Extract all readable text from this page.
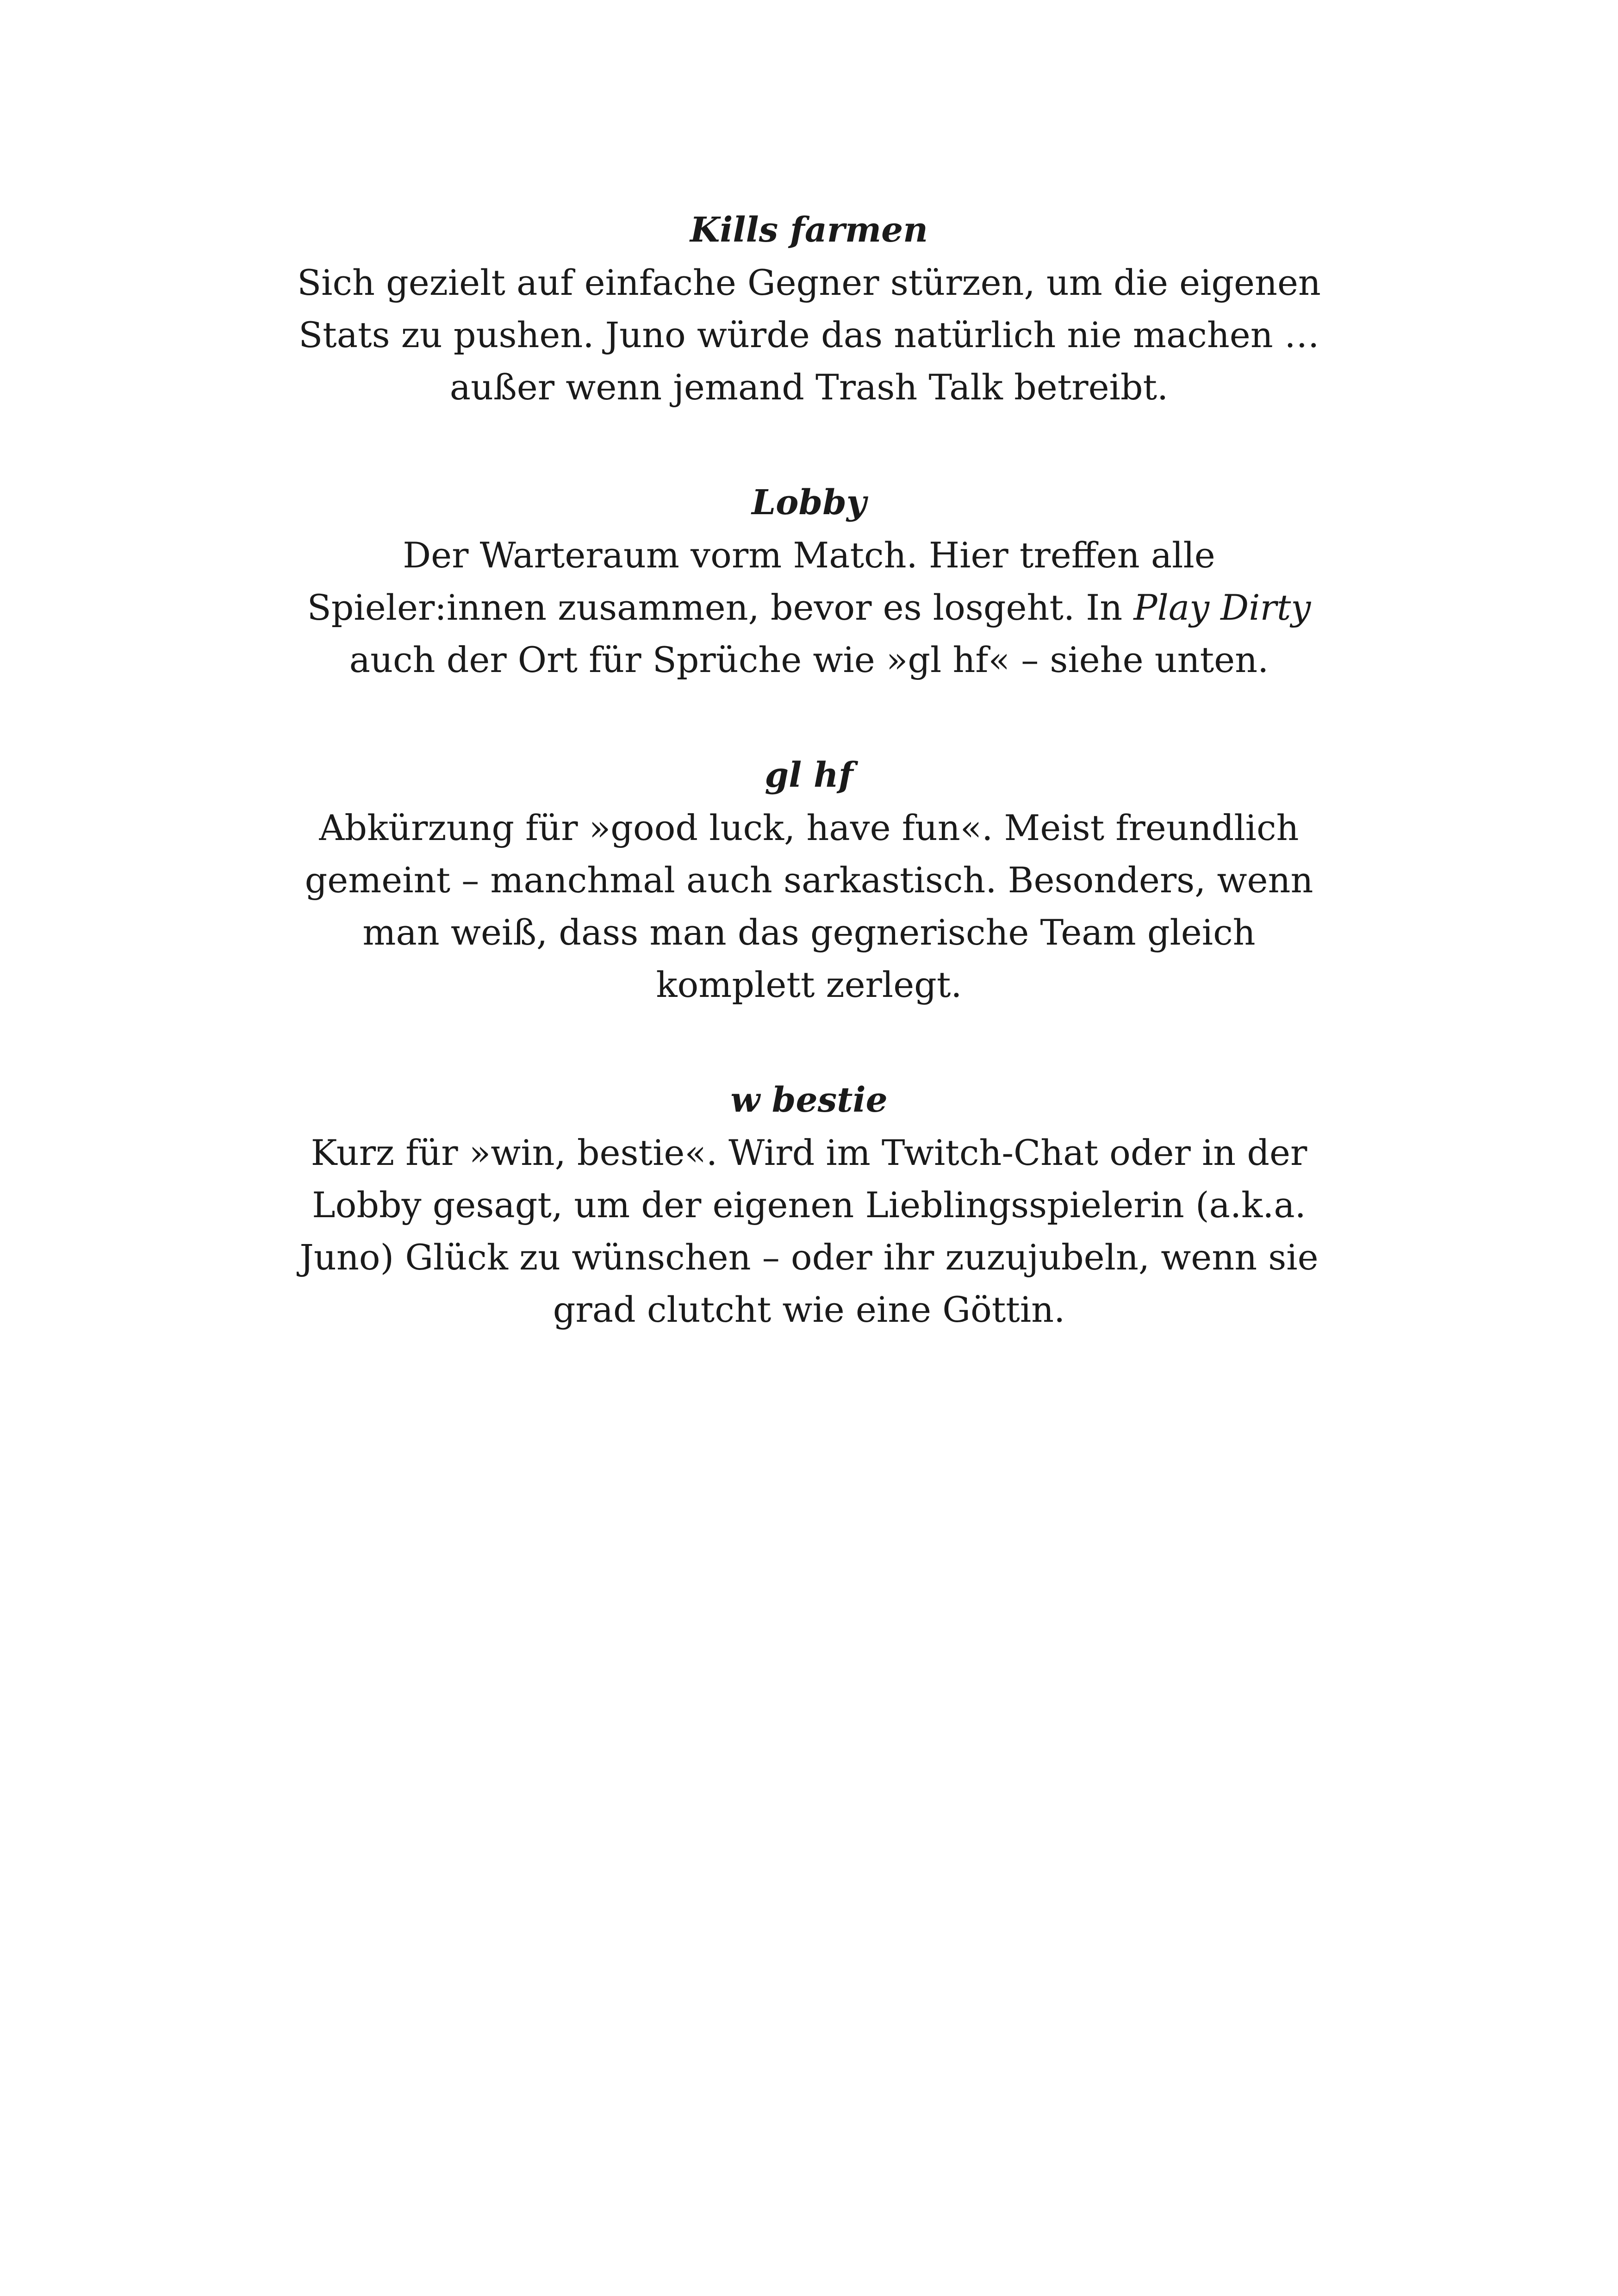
Kills farmen

Sich gezielt auf einfache Gegner stürzen, um die eigenen Stats zu pushen. Juno würde das natürlich nie machen … außer wenn jemand Trash Talk betreibt.

Lobby

Der Warteraum vorm Match. Hier treffen alle Spieler:innen zusammen, bevor es losgeht. In Play Dirty auch der Ort für Sprüche wie »gl hf« – siehe unten.

gl hf

Abkürzung für »good luck, have fun«. Meist freundlich gemeint – manchmal auch sarkastisch. Besonders, wenn man weiß, dass man das gegnerische Team gleich komplett zerlegt.

w bestie

Kurz für »win, bestie«. Wird im Twitch-Chat oder in der Lobby gesagt, um der eigenen Lieblingsspielerin (a.k.a. Juno) Glück zu wünschen – oder ihr zuzujubeln, wenn sie grad clutcht wie eine Göttin.
